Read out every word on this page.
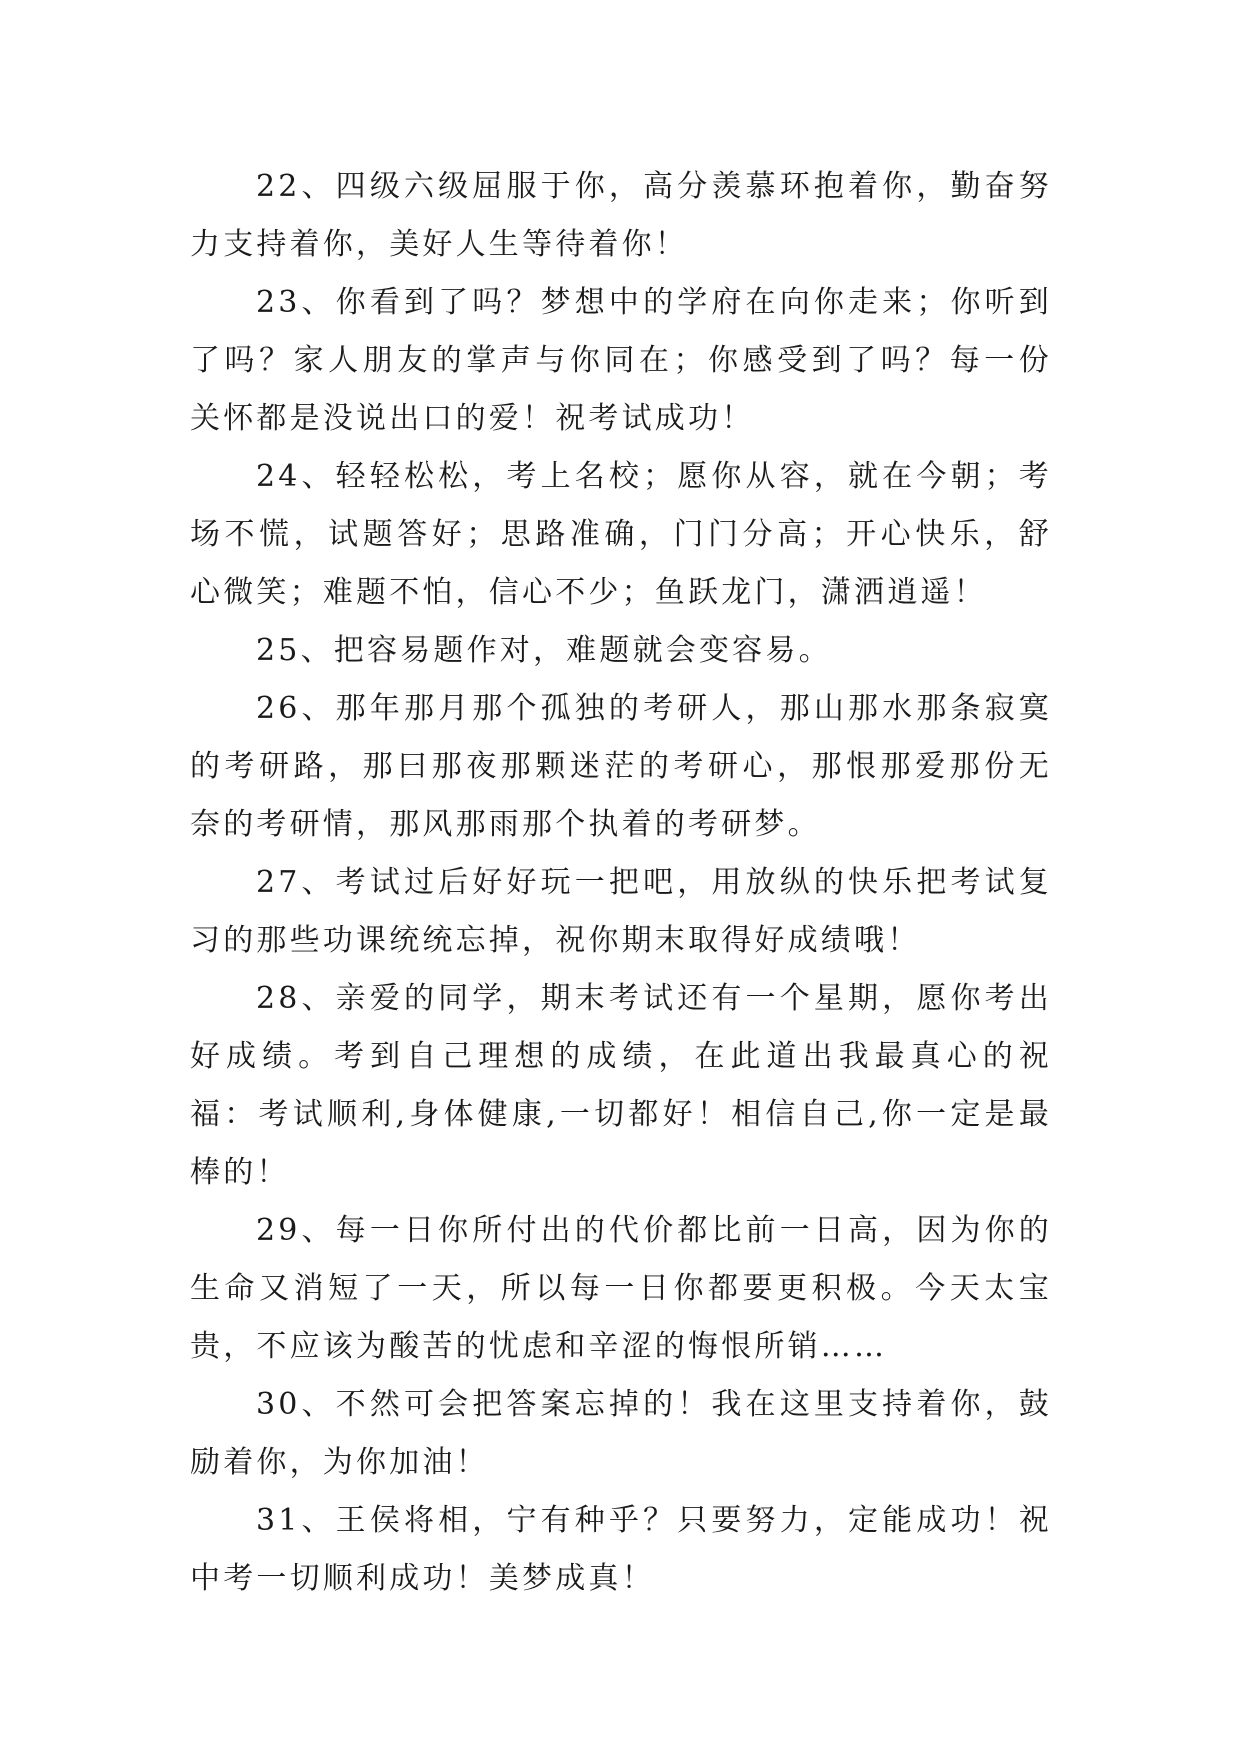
22、四级六级屈服于你，高分羡慕环抱着你，勤奋努力支持着你，美好人生等待着你！

23、你看到了吗？梦想中的学府在向你走来；你听到了吗？家人朋友的掌声与你同在；你感受到了吗？每一份关怀都是没说出口的爱！祝考试成功！

24、轻轻松松，考上名校；愿你从容，就在今朝；考场不慌，试题答好；思路准确，门门分高；开心快乐，舒心微笑；难题不怕，信心不少；鱼跃龙门，潇洒逍遥！

25、把容易题作对，难题就会变容易。

26、那年那月那个孤独的考研人，那山那水那条寂寞的考研路，那曰那夜那颗迷茫的考研心，那恨那爱那份无奈的考研情，那风那雨那个执着的考研梦。

27、考试过后好好玩一把吧，用放纵的快乐把考试复习的那些功课统统忘掉，祝你期末取得好成绩哦！

28、亲爱的同学，期末考试还有一个星期，愿你考出好成绩。考到自己理想的成绩，在此道出我最真心的祝福：考试顺利,身体健康,一切都好！相信自己,你一定是最棒的！

29、每一日你所付出的代价都比前一日高，因为你的生命又消短了一天，所以每一日你都要更积极。今天太宝贵，不应该为酸苦的忧虑和辛涩的悔恨所销……

30、不然可会把答案忘掉的！我在这里支持着你，鼓励着你，为你加油！

31、王侯将相，宁有种乎？只要努力，定能成功！祝中考一切顺利成功！美梦成真！
